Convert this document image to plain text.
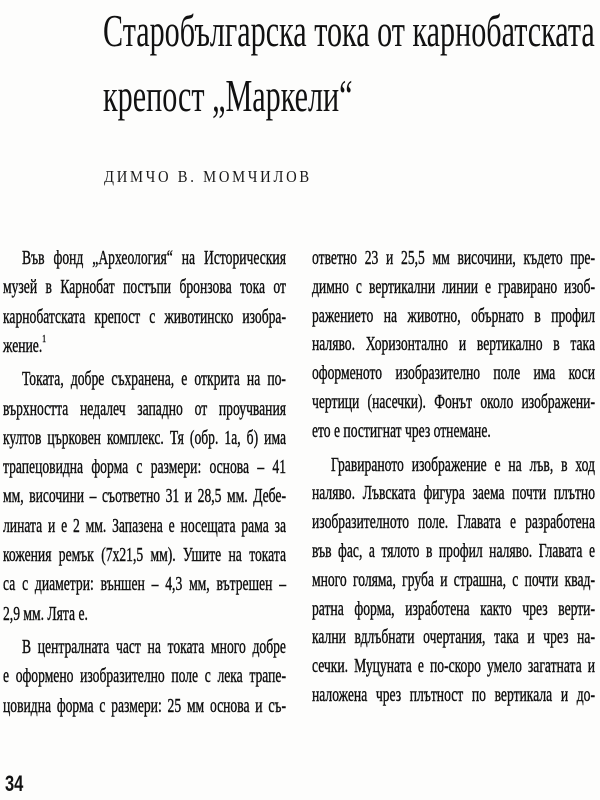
Старобългарска тока от карнобатската
крепост „Маркели“
ДИМЧО В. МОМЧИЛОВ
Във фонд „Археология“ на Историческия
музей в Карнобат постъпи бронзова тока от
карнобатската крепост с животинско изобра-
жение.$^1$
Токата, добре съхранена, е открита на по-
върхността недалеч западно от проучвания
култов църковен комплекс. Тя (обр. 1а, б) има
трапецовидна форма с размери: основа – 41
мм, височини – съответно 31 и 28,5 мм. Дебе-
лината и е 2 мм. Запазена е носещата рама за
кожения ремък (7х21,5 мм). Ушите на токата
са с диаметри: външен – 4,3 мм, вътрешен –
2,9 мм. Лята е.
В централната част на токата много добре
е оформено изобразително поле с лека трапе-
цовидна форма с размери: 25 мм основа и съ-
ответно 23 и 25,5 мм височини, където пре-
димно с вертикални линии е гравирано изоб-
ражението на животно, обърнато в профил
наляво. Хоризонтално и вертикално в така
оформеното изобразително поле има коси
чертици (насечки). Фонът около изображени-
ето е постигнат чрез отнемане.
Гравираното изображение е на лъв, в ход
наляво. Лъвската фигура заема почти плътно
изобразителното поле. Главата е разработена
във фас, а тялото в профил наляво. Главата е
много голяма, груба и страшна, с почти квад-
ратна форма, изработена както чрез верти-
кални вдлъбнати очертания, така и чрез на-
сечки. Муцуната е по-скоро умело загатната и
наложена чрез плътност по вертикала и до-
34
